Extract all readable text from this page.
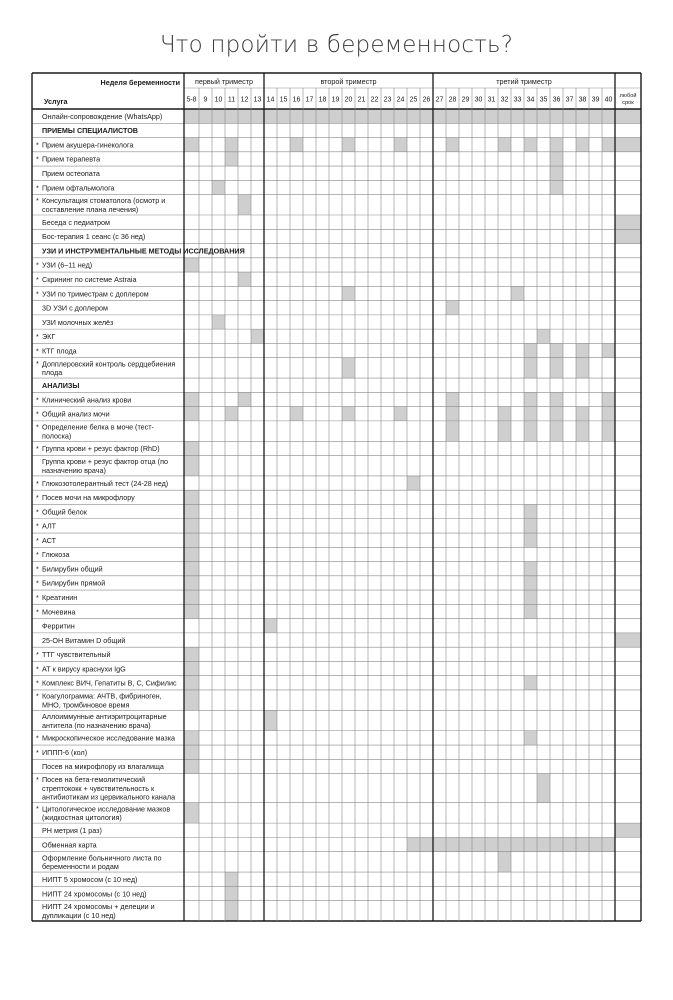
Что пройти в беременность?
Неделя беременности
Услуга
первый триместр	второй триместр	третий триместр
любой
срок
5-8 9 10 11 12 13 14 15 16 17 18 19 20 21 22 23 24 25 26 27 28 29 30 31 32 33 34 35 36 37 38 39 40
Онлайн-сопровождение (WhatsApp)
ПРИЕМЫ СПЕЦИАЛИСТОВ
* Прием акушера-гинеколога
* Прием терапевта
Прием остеопата
* Прием офтальмолога
* Консультация стоматолога (осмотр и
составление плана лечения)
Беседа с педиатром
Бос-терапия 1 сеанс (с 36 нед)
УЗИ И ИНСТРУМЕНТАЛЬНЫЕ МЕТОДЫ ИССЛЕДОВАНИЯ
* УЗИ (6–11 нед)
* Скрининг по системе Astraia
* УЗИ по триместрам с доплером
3D УЗИ с доплером
УЗИ молочных желёз
* ЭКГ
* КТГ плода
* Допплеровский контроль сердцебиения
плода
АНАЛИЗЫ
* Клинический анализ крови
* Общий анализ мочи
* Определение белка в моче (тест-
полоска)
* Группа крови + резус фактор (RhD)
Группа крови + резус фактор отца (по
назначению врача)
* Глюкозотолерантный тест (24-28 нед)
* Посев мочи на микрофлору
* Общий белок
* АЛТ
* АСТ
* Глюкоза
* Билирубин общий
* Билирубин прямой
* Креатинин
* Мочевина
Ферритин
25-ОН Витамин D общий
* ТТГ чувствительный
* АТ к вирусу краснухи IgG
* Комплекс ВИЧ, Гепатиты В, С, Сифилис
* Коагулограмма: АЧТВ, фибриноген,
МНО, тромбиновое время
Аллоиммунные антиэритроцитарные
антитела (по назначению врача)
* Микроскопическое исследование мазка
* ИППП-6 (кол)
Посев на микрофлору из влагалища
* Посев на бета-гемолитический
стрептококк + чувствительность к
антибиотикам из цервикального канала
* Цитологическое исследование мазков
(жидкостная цитология)
PH метрия (1 раз)
Обменная карта
Оформление больничного листа по
беременности и родам
НИПТ 5 хромосом (с 10 нед)
НИПТ 24 хромосомы (с 10 нед)
НИПТ 24 хромосомы + делеции и
дупликации (с 10 нед)
